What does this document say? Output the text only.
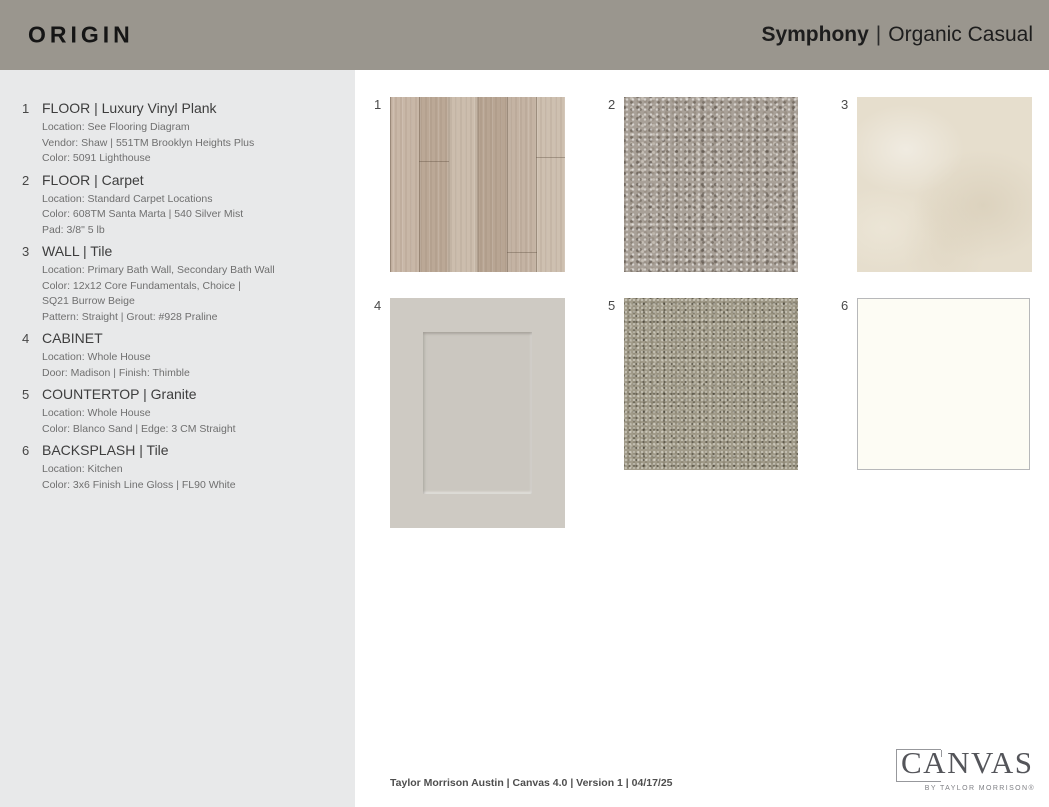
ORIGIN	Symphony | Organic Casual
1 FLOOR | Luxury Vinyl Plank
Location: See Flooring Diagram
Vendor: Shaw | 551TM Brooklyn Heights Plus
Color: 5091 Lighthouse
2 FLOOR | Carpet
Location: Standard Carpet Locations
Color: 608TM Santa Marta | 540 Silver Mist
Pad: 3/8" 5 lb
3 WALL | Tile
Location: Primary Bath Wall, Secondary Bath Wall
Color: 12x12 Core Fundamentals, Choice |
SQ21 Burrow Beige
Pattern: Straight | Grout: #928 Praline
4 CABINET
Location: Whole House
Door: Madison | Finish: Thimble
5 COUNTERTOP | Granite
Location: Whole House
Color: Blanco Sand | Edge: 3 CM Straight
6 BACKSPLASH | Tile
Location: Kitchen
Color: 3x6 Finish Line Gloss | FL90 White
1	2	3
4	5	6
Taylor Morrison Austin | Canvas 4.0 | Version 1 | 04/17/25
CANVAS
BY TAYLOR MORRISON®
